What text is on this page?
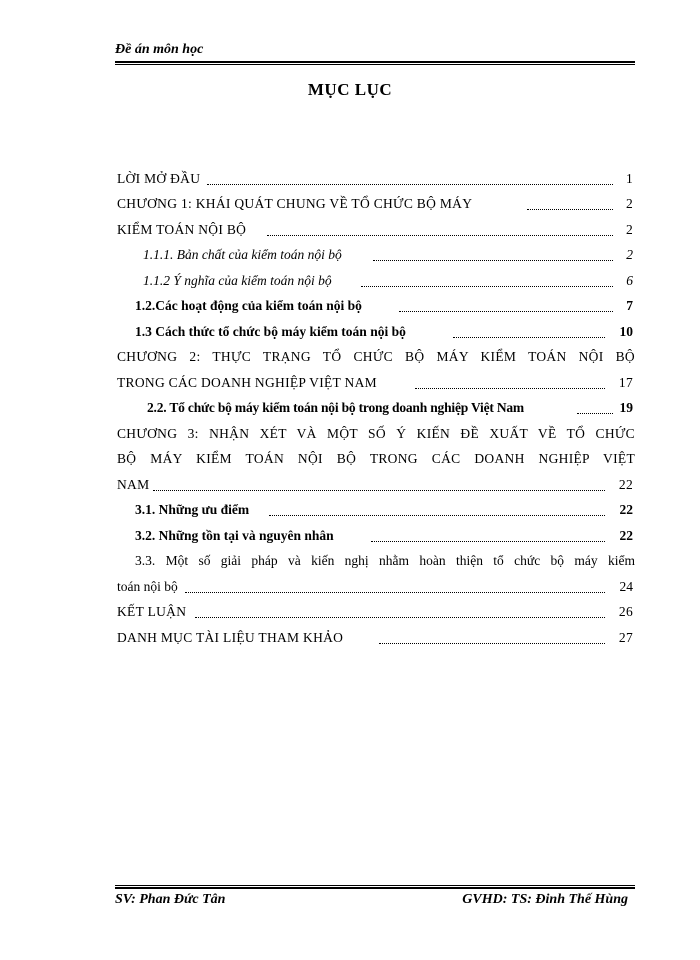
Đề án môn học
MỤC LỤC
LỜI MỞ ĐẦU	1
CHƯƠNG 1: KHÁI QUÁT CHUNG VỀ TỔ CHỨC BỘ MÁY	2
KIỂM TOÁN NỘI BỘ	2
1.1.1. Bản chất của kiểm toán nội bộ	2
1.1.2 Ý nghĩa của kiểm toán nội bộ	6
1.2.Các hoạt động của kiểm toán nội bộ	7
1.3 Cách thức tổ chức bộ máy kiểm toán nội bộ	10
CHƯƠNG 2: THỰC TRẠNG TỔ CHỨC BỘ MÁY KIỂM TOÁN NỘI BỘ
TRONG CÁC DOANH NGHIỆP VIỆT NAM	17
2.2. Tổ chức bộ máy kiểm toán nội bộ trong doanh nghiệp Việt Nam	19
CHƯƠNG 3: NHẬN XÉT VÀ MỘT SỐ Ý KIẾN ĐỀ XUẤT VỀ TỔ CHỨC
BỘ MÁY KIỂM TOÁN NỘI BỘ TRONG CÁC DOANH NGHIỆP VIỆT
NAM	22
3.1. Những ưu điểm	22
3.2. Những tồn tại và nguyên nhân	22
3.3. Một số giải pháp và kiến nghị nhằm hoàn thiện tổ chức bộ máy kiểm
toán nội bộ	24
KẾT LUẬN	26
DANH MỤC TÀI LIỆU THAM KHẢO	27
SV: Phan Đức Tân	GVHD: TS: Đinh Thế Hùng
